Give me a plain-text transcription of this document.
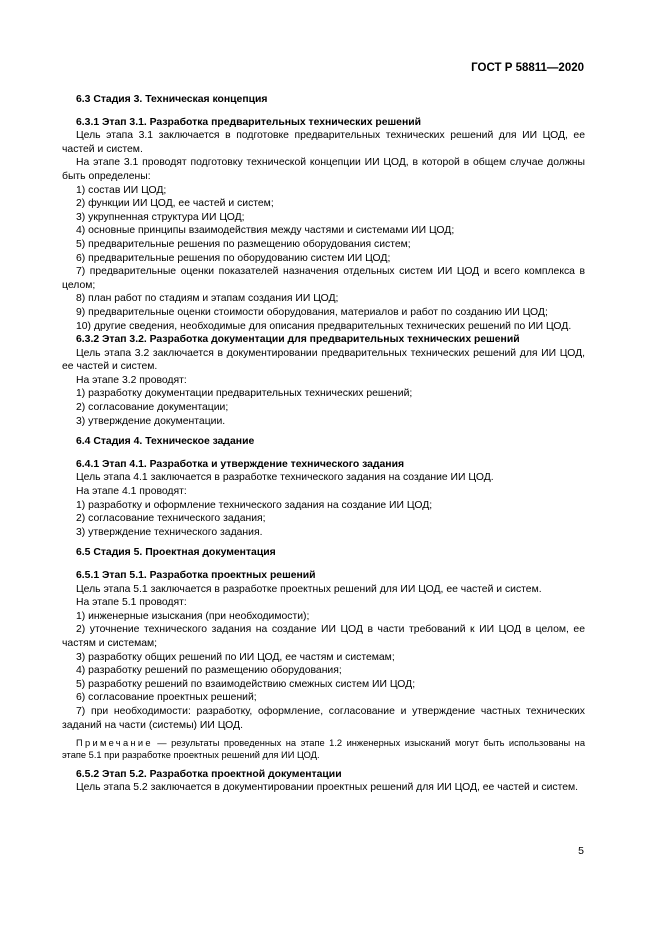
ГОСТ Р 58811—2020

6.3 Стадия 3. Техническая концепция

6.3.1 Этап 3.1. Разработка предварительных технических решений

Цель этапа 3.1 заключается в подготовке предварительных технических решений для ИИ ЦОД, ее частей и систем.

На этапе 3.1 проводят подготовку технической концепции ИИ ЦОД, в которой в общем случае должны быть определены:

1) состав ИИ ЦОД;

2) функции ИИ ЦОД, ее частей и систем;

3) укрупненная структура ИИ ЦОД;

4) основные принципы взаимодействия между частями и системами ИИ ЦОД;

5) предварительные решения по размещению оборудования систем;

6) предварительные решения по оборудованию систем ИИ ЦОД;

7) предварительные оценки показателей назначения отдельных систем ИИ ЦОД и всего комплекса в целом;

8) план работ по стадиям и этапам создания ИИ ЦОД;

9) предварительные оценки стоимости оборудования, материалов и работ по созданию ИИ ЦОД;

10) другие сведения, необходимые для описания предварительных технических решений по ИИ ЦОД.

6.3.2 Этап 3.2. Разработка документации для предварительных технических решений

Цель этапа 3.2 заключается в документировании предварительных технических решений для ИИ ЦОД, ее частей и систем.

На этапе 3.2 проводят:

1) разработку документации предварительных технических решений;

2) согласование документации;

3) утверждение документации.

6.4 Стадия 4. Техническое задание

6.4.1 Этап 4.1. Разработка и утверждение технического задания

Цель этапа 4.1 заключается в разработке технического задания на создание ИИ ЦОД.

На этапе 4.1 проводят:

1) разработку и оформление технического задания на создание ИИ ЦОД;

2) согласование технического задания;

3) утверждение технического задания.

6.5 Стадия 5. Проектная документация

6.5.1 Этап 5.1. Разработка проектных решений

Цель этапа 5.1 заключается в разработке проектных решений для ИИ ЦОД, ее частей и систем.

На этапе 5.1 проводят:

1) инженерные изыскания (при необходимости);

2) уточнение технического задания на создание ИИ ЦОД в части требований к ИИ ЦОД в целом, ее частям и системам;

3) разработку общих решений по ИИ ЦОД, ее частям и системам;

4) разработку решений по размещению оборудования;

5) разработку решений по взаимодействию смежных систем ИИ ЦОД;

6) согласование проектных решений;

7) при необходимости: разработку, оформление, согласование и утверждение частных технических заданий на части (системы) ИИ ЦОД.

Примечание — результаты проведенных на этапе 1.2 инженерных изысканий могут быть использованы на этапе 5.1 при разработке проектных решений для ИИ ЦОД.

6.5.2 Этап 5.2. Разработка проектной документации

Цель этапа 5.2 заключается в документировании проектных решений для ИИ ЦОД, ее частей и систем.

5
